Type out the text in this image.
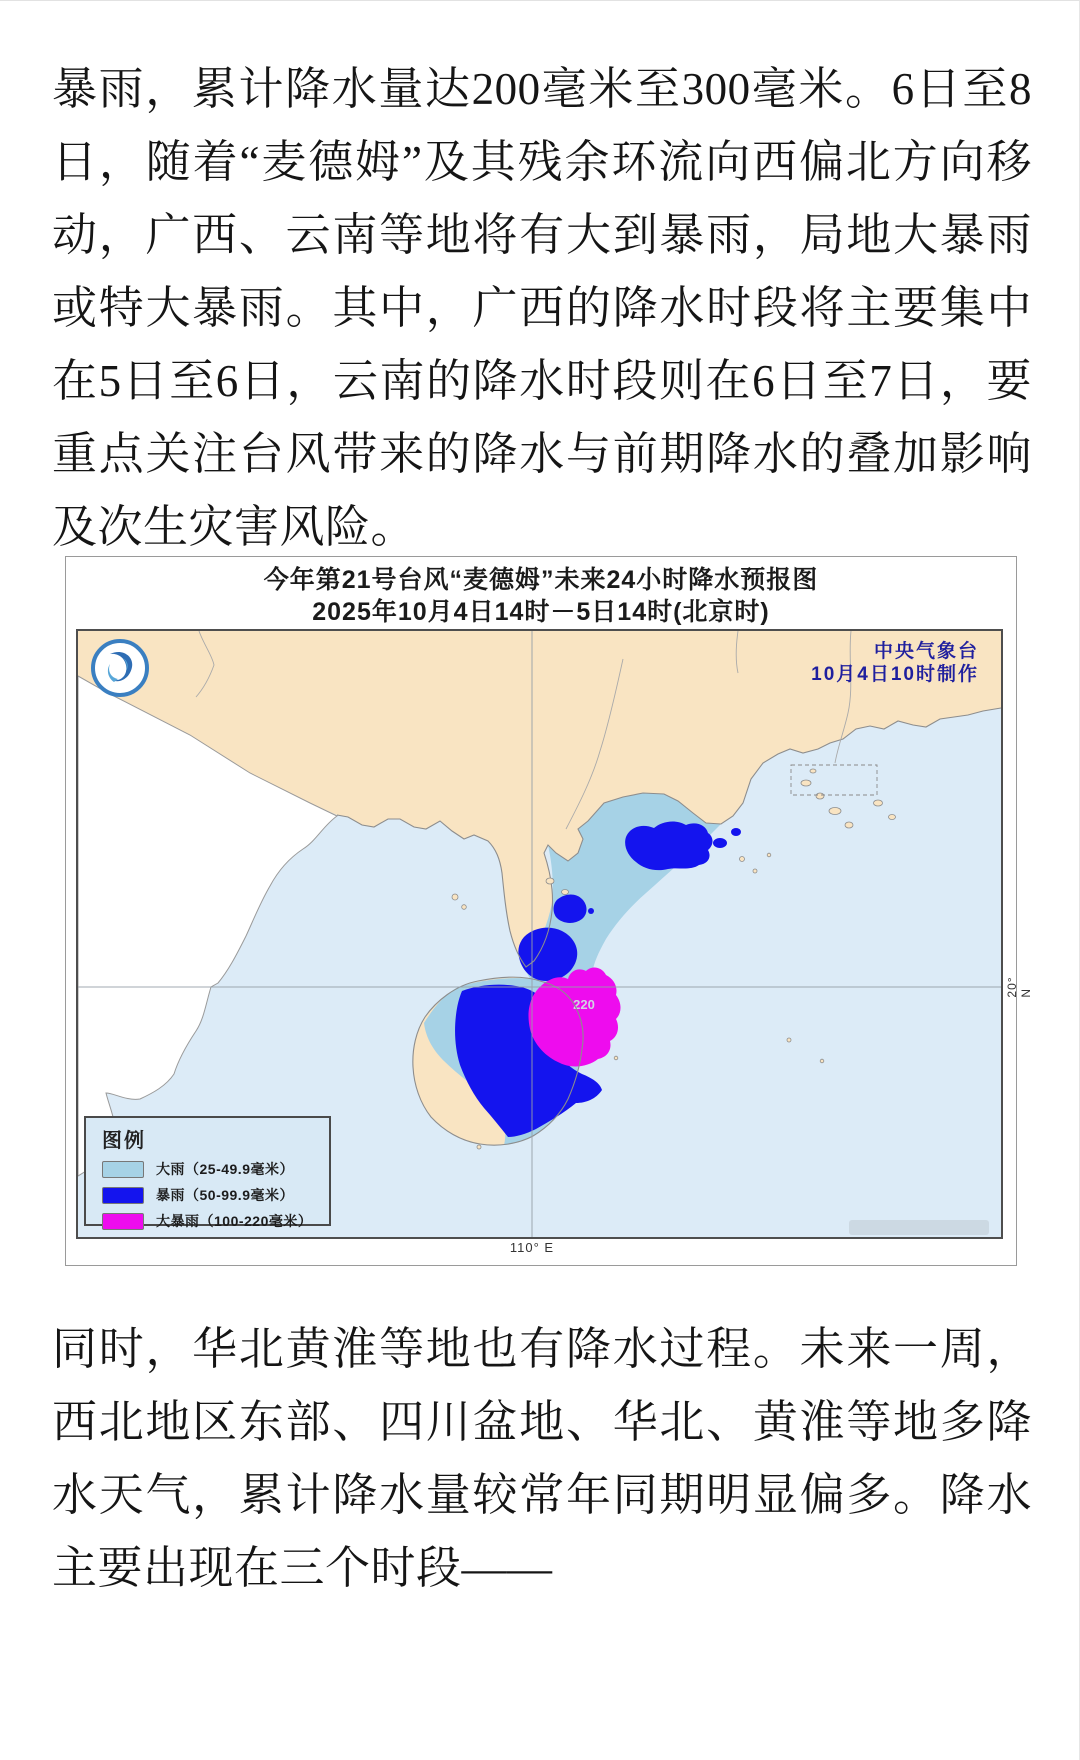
暴雨，累计降水量达200毫米至300毫米。6日至8日，随着“麦德姆”及其残余环流向西偏北方向移动，广西、云南等地将有大到暴雨，局地大暴雨或特大暴雨。其中，广西的降水时段将主要集中在5日至6日，云南的降水时段则在6日至7日，要重点关注台风带来的降水与前期降水的叠加影响及次生灾害风险。

今年第21号台风“麦德姆”未来24小时降水预报图
2025年10月4日14时－5日14时(北京时)
220
中央气象台
10月4日10时制作
图例
大雨（25-49.9毫米）
暴雨（50-99.9毫米）
大暴雨（100-220毫米）
20° N
110° E

同时，华北黄淮等地也有降水过程。未来一周，西北地区东部、四川盆地、华北、黄淮等地多降水天气，累计降水量较常年同期明显偏多。降水主要出现在三个时段——
